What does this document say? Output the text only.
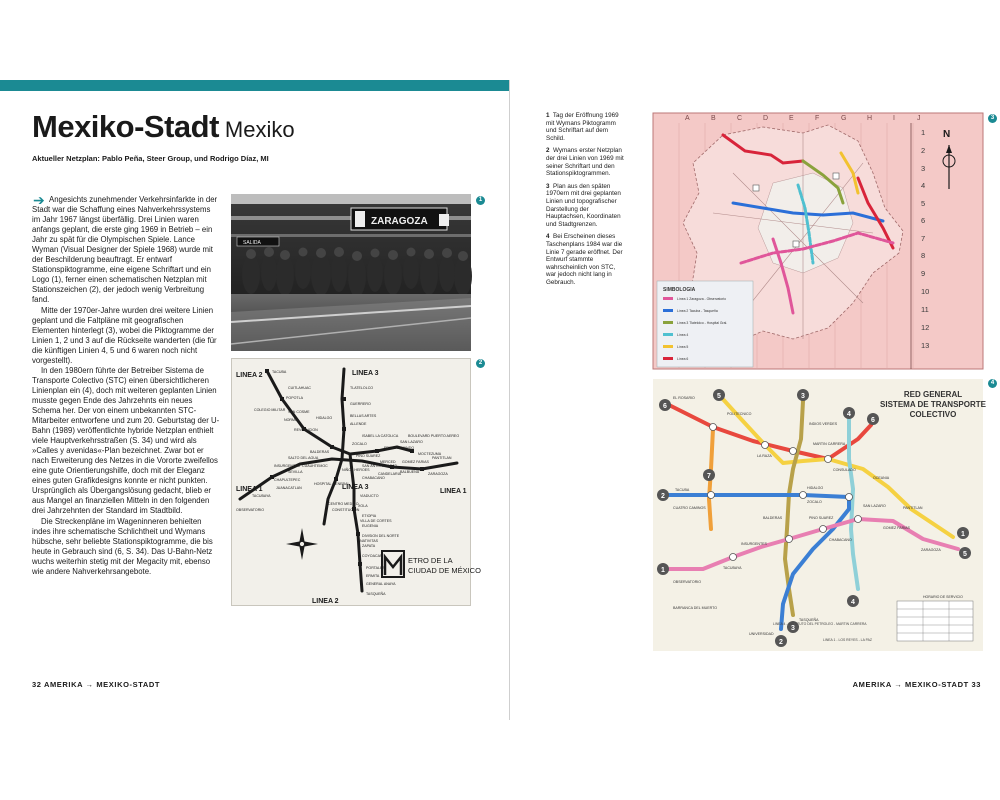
Mexiko-Stadt Mexiko
Aktueller Netzplan: Pablo Peña, Steer Group, und Rodrigo Díaz, MI
➔ Angesichts zunehmender Verkehrsinfarkte in der Stadt war die Schaffung eines Nahverkehrssystems im Jahr 1967 längst überfällig. Drei Linien waren anfangs geplant, die erste ging 1969 in Betrieb – ein Jahr zu spät für die Olympischen Spiele. Lance Wyman (Visual Designer der Spiele 1968) wurde mit der Beschilderung beauftragt. Er entwarf Stationspiktogramme, eine eigene Schriftart und ein Logo (1), ferner einen schematischen Netzplan mit Stationszeichen (2), der jedoch wenig Verbreitung fand.

Mitte der 1970er-Jahre wurden drei weitere Linien geplant und die Faltpläne mit geografischen Elementen hinterlegt (3), wobei die Piktogramme der Linien 1, 2 und 3 auf die Rückseite wanderten (die für die künftigen Linien 4, 5 und 6 waren noch nicht vorgestellt).

In den 1980ern führte der Betreiber Sistema de Transporte Colectivo (STC) einen übersichtlicheren Linienplan ein (4), doch mit weiteren geplanten Linien musste gegen Ende des Jahrzehnts ein neues Schema her. Der von einem unbekannten STC-Mitarbeiter entworfene und zum 20. Geburtstag der U-Bahn (1989) veröffentlichte hybride Netzplan enthielt viele Hauptverkehrsstraßen (S. 34) und wird als »Calles y avenidas«-Plan bezeichnet. Zwar bot er nach Erweiterung des Netzes in die Vororte zweifellos eine gute Orientierungshilfe, doch mit der Eleganz eines guten Grafikdesigns konnte er nicht punkten. Ursprünglich als Übergangslösung gedacht, blieb er aus Mangel an finanziellen Mitteln in den folgenden drei Jahrzehnten der Standard im Stadtbild.

Die Streckenpläne im Wageninneren behielten indes ihre schematische Schlichtheit und Wymans hübsche, sehr beliebte Stationspiktogramme, die bis heute in Gebrauch sind (6, S. 34). Das U-Bahn-Netz wuchs weiterhin stetig mit der Megacity mit, ebenso wie andere Nahverkehrsangebote.

ZARAGOZA
SALIDA
1
LINEA 2	LINEA 3
LINEA 1	LINEA 3
LINEA 1
LINEA 2
TACUBA
CUITLAHUAC
POPOTLA
COLEGIO MILITAR SAN COSME
NORMAL
REVOLUCION
HIDALGO
TLATELOLCO
GUERRERO
BELLAS ARTES
ALLENDE
ZOCALO
PINO SUAREZ
SAN LAZARO
MOCTEZUMA
BALDERAS
SALTO DEL AGUA
ISABEL LA CATOLICA
MERCED
CANDELARIA
INSURGENTES
SEVILLA
CHAPULTEPEC
CUAUHTEMOC
NIÑOS HEROES
JUANACATLAN
TACUBAYA
OBSERVATORIO
HOSPITAL GENERAL
CENTRO MEDICO
ETIOPIA
EUGENIA
DIVISION DEL NORTE
ZAPATA
COYOACAN
SAN ANTONIO ABAD
CHABACANO
VIADUCTO
XOLA
VILLA DE CORTES
NATIVITAS
PORTALES
ERMITA
GENERAL ANAYA
TASQUEÑA
GOMEZ FARIAS
BALBUENA ZARAGOZA
PANTITLAN
BOULEVARD PUERTO AEREO
CONSTITUCION
FRAY SERVANDO
ETRO DE LA
CIUDAD DE MÉXICO
2
32 AMERIKA → MEXIKO-STADT

1 Tag der Eröffnung 1969 mit Wymans Piktogramm und Schriftart auf dem Schild.

2 Wymans erster Netzplan der drei Linien von 1969 mit seiner Schriftart und den Stationspiktogrammen.

3 Plan aus den späten 1970ern mit drei geplanten Linien und topografischer Darstellung der Hauptachsen, Koordinaten und Stadtgrenzen.

4 Bei Erscheinen dieses Taschenplans 1984 war die Linie 7 gerade eröffnet. Der Entwurf stammte wahrscheinlich von STC, war jedoch nicht lang in Gebrauch.

A	B	C	D	E	F	G	H	I	J
1
2
3
4
5
6
7
8
9
10
11
12
13
N
SIMBOLOGIA
Línea 1 Zaragoza - Observatorio
Línea 2 Tacuba - Tasqueña
Línea 3 Tlatelolco - Hospital Gral.
Línea 4
Línea 5
Línea 6
3
RED GENERAL
SISTEMA DE TRANSPORTE
COLECTIVO
6
5	3
4
6
2
7
1
1
5
4
3
2
EL ROSARIO
TACUBA
POLITECNICO
LA RAZA
MARTIN CARRERA
INDIOS VERDES
CONSULADO
OCEANIA
PANTITLAN
CUATRO CAMINOS
OBSERVATORIO
TACUBAYA
CHABACANO
TASQUEÑA
UNIVERSIDAD
HIDALGO
ZOCALO
BALDERAS	PINO SUAREZ
SAN LAZARO
GOMEZ FARIAS
ZARAGOZA
BARRANCA DEL MUERTO
INSURGENTES
HORARIO DE SERVICIO
LINEA 4 - INSTITUTO DEL PETROLEO - MARTIN CARRERA
LINEA 1 - LOS REYES - LA PAZ
4
AMERIKA → MEXIKO-STADT 33
